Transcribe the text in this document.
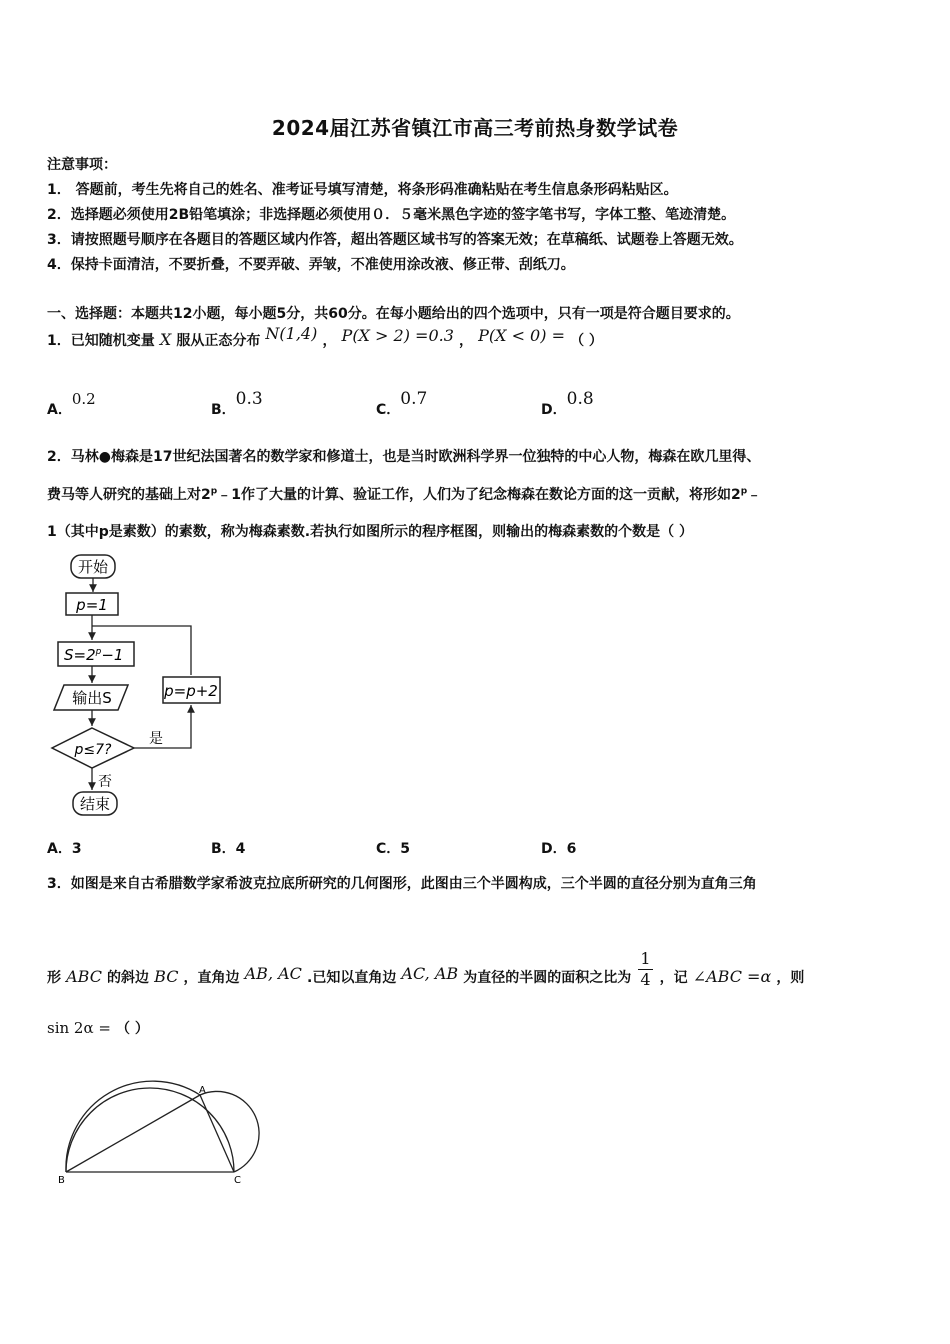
2024届江苏省镇江市高三考前热身数学试卷
注意事项：
1． 答题前，考生先将自己的姓名、准考证号填写清楚，将条形码准确粘贴在考生信息条形码粘贴区。
2．选择题必须使用2B铅笔填涂；非选择题必须使用０．５毫米黑色字迹的签字笔书写，字体工整、笔迹清楚。
3．请按照题号顺序在各题目的答题区域内作答，超出答题区域书写的答案无效；在草稿纸、试题卷上答题无效。
4．保持卡面清洁，不要折叠，不要弄破、弄皱，不准使用涂改液、修正带、刮纸刀。
一、选择题：本题共12小题，每小题5分，共60分。在每小题给出的四个选项中，只有一项是符合题目要求的。
1．已知随机变量 X 服从正态分布 N(1,4) ， P(X > 2) =0.3 ， P(X < 0) = （ ）
A．0.2
B．0.3
C．0.7
D．0.8
2．马林●梅森是17世纪法国著名的数学家和修道士，也是当时欧洲科学界一位独特的中心人物，梅森在欧几里得、
费马等人研究的基础上对2$^p$﹣1作了大量的计算、验证工作，人们为了纪念梅森在数论方面的这一贡献，将形如2$^p$﹣
1（其中p是素数）的素数，称为梅森素数.若执行如图所示的程序框图，则输出的梅森素数的个数是（ ）
开始
p=1
$S=2^p-1$
输出S
p≤7?
是
p=p+2
否
结束
A．3	B．4	C．5	D．6
3．如图是来自古希腊数学家希波克拉底所研究的几何图形，此图由三个半圆构成，三个半圆的直径分别为直角三角
形 ABC 的斜边 BC ，直角边 AB, AC .已知以直角边 AC, AB 为直径的半圆的面积之比为 $\frac{1}{4}$ ，记 ∠ABC =α ，则
sin 2α = （ ）
A
B	C
